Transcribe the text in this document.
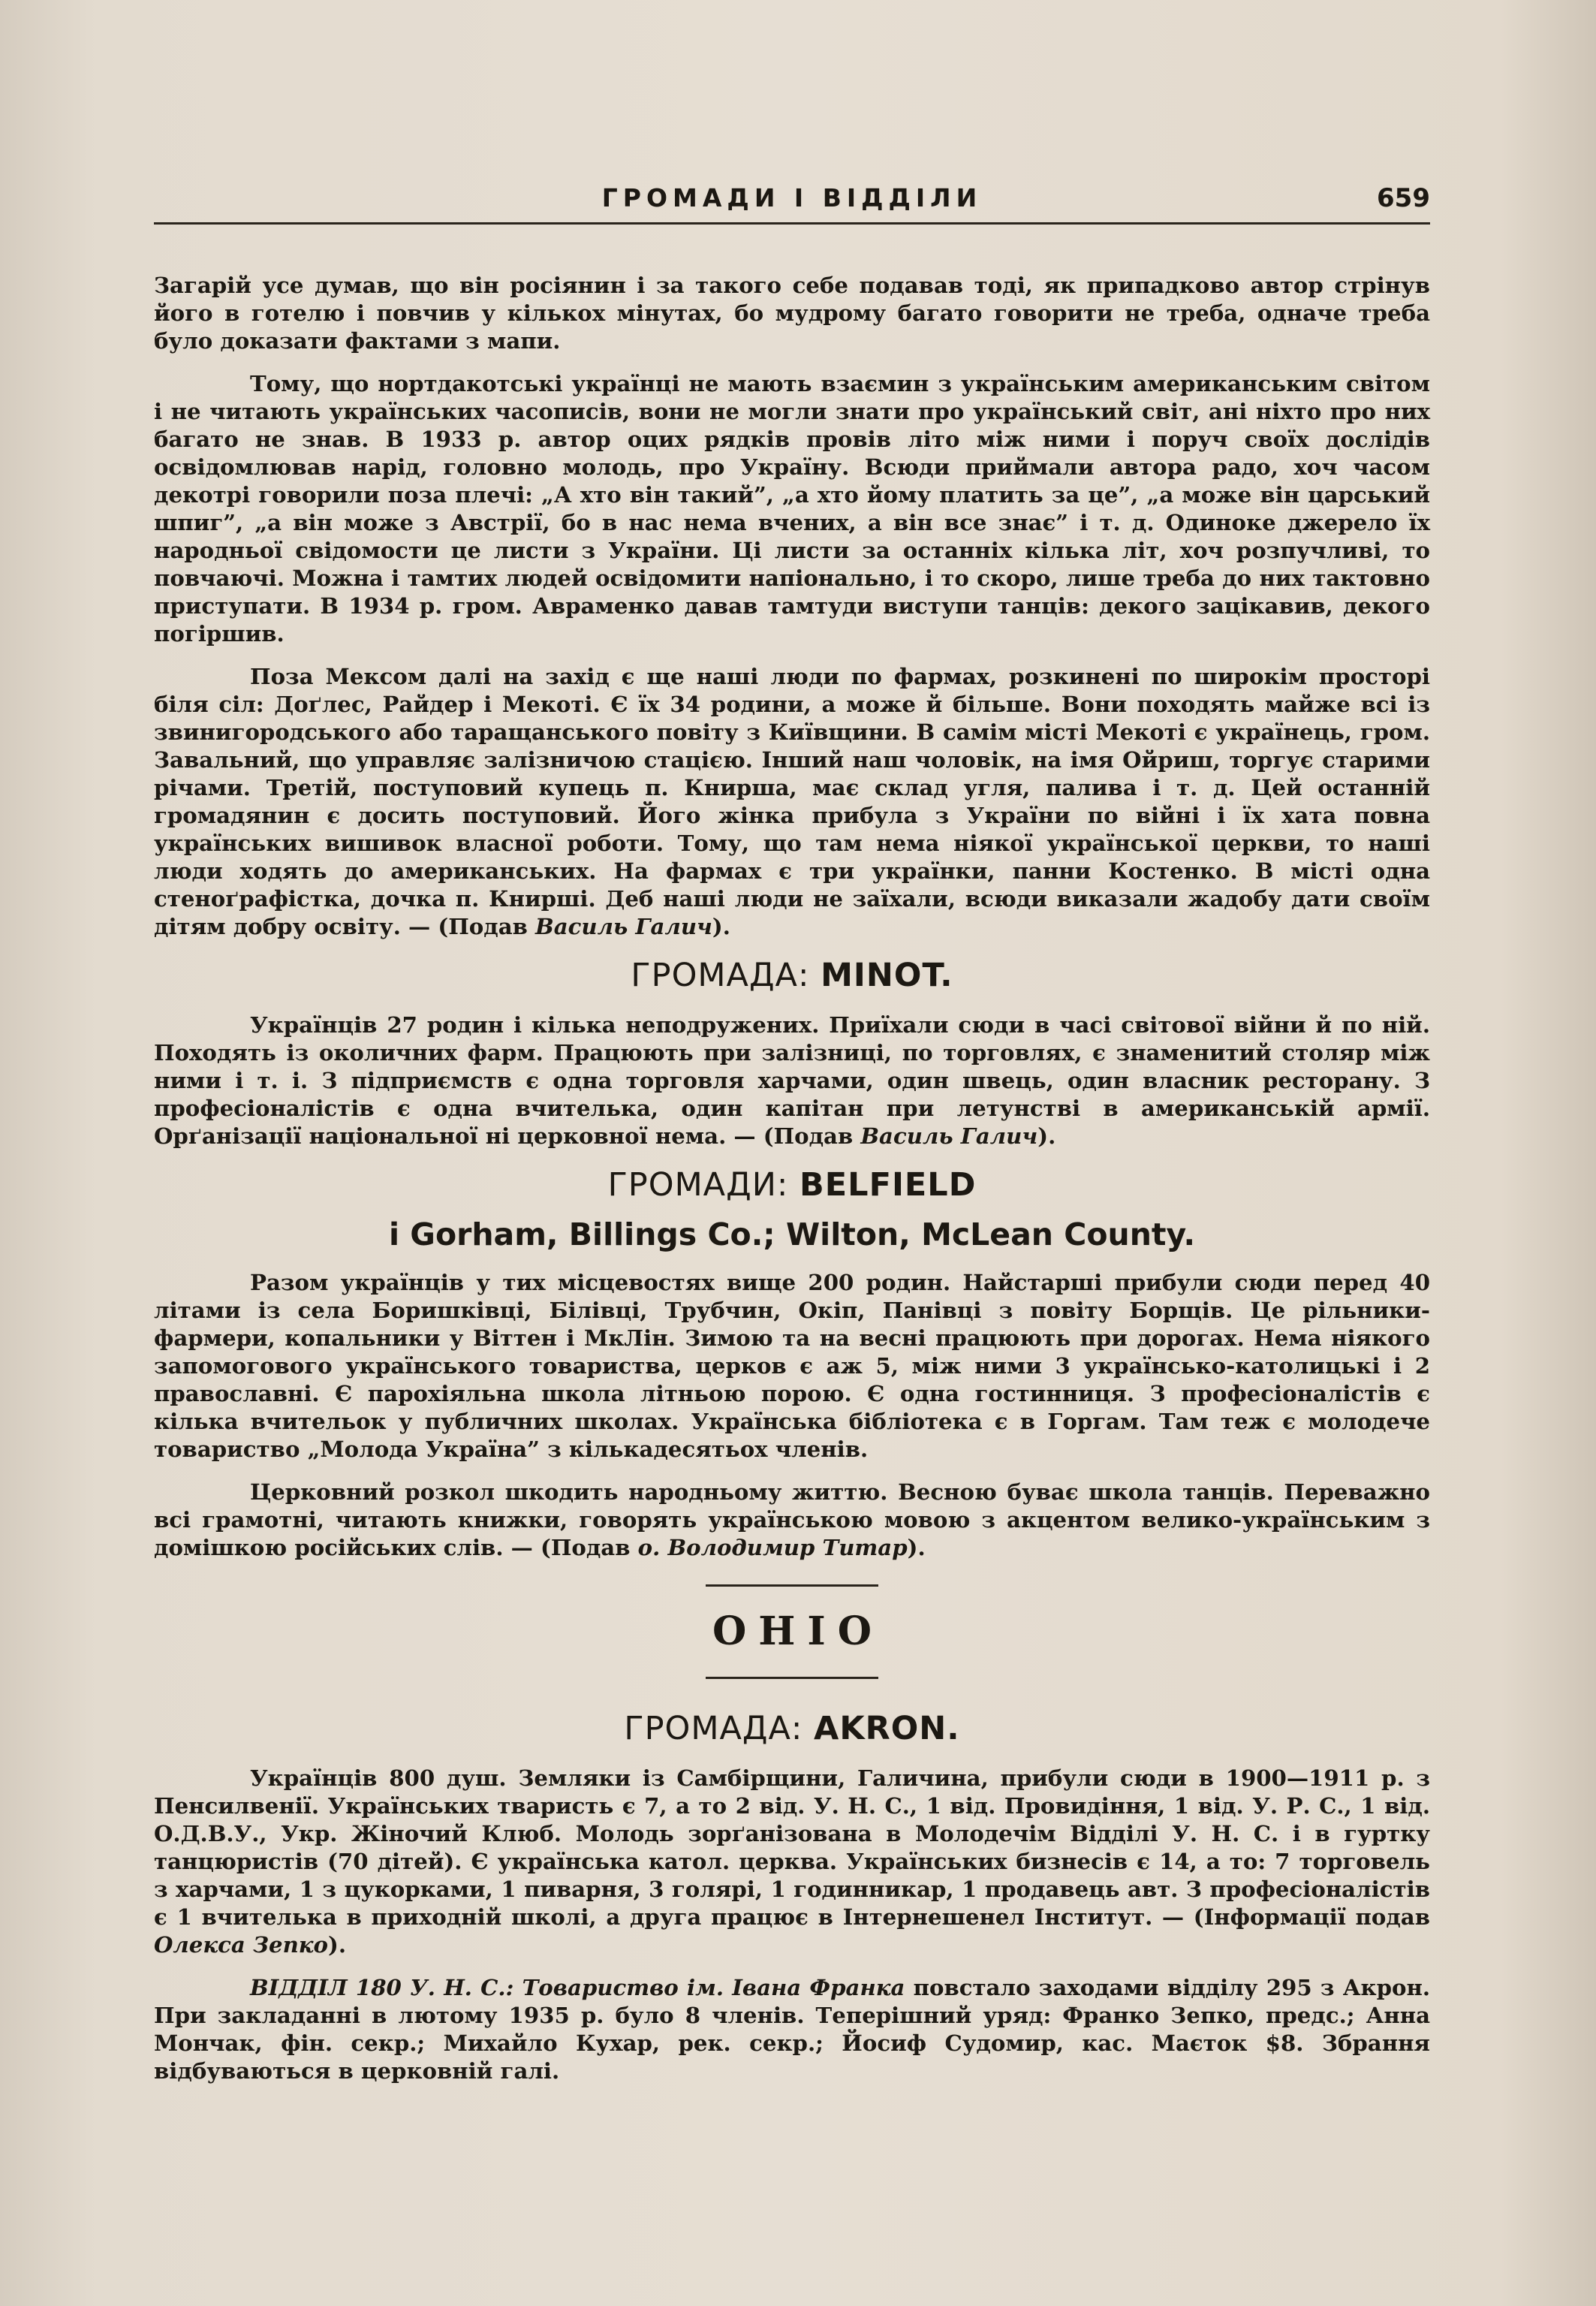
ГРОМАДИ І ВІДДІЛИ	659

Загарій усе думав, що він росіянин і за такого себе подавав тоді, як припадково автор стрінув його в готелю і повчив у кількох мінутах, бо мудрому багато говорити не треба, одначе треба було доказати фактами з мапи.

Тому, що нортдакотські українці не мають взаємин з українським американським світом і не читають українських часописів, вони не могли знати про український світ, ані ніхто про них багато не знав. В 1933 р. автор оцих рядків провів літо між ними і поруч своїх дослідів освідомлював нарід, головно молодь, про Україну. Всюди приймали автора радо, хоч часом декотрі говорили поза плечі: „А хто він такий”, „а хто йому платить за це”, „а може він царський шпиг”, „а він може з Австрії, бо в нас нема вчених, а він все знає” і т. д. Одиноке джерело їх народньої свідомости це листи з України. Ці листи за останніх кілька літ, хоч розпучливі, то повчаючі. Можна і тамтих людей освідомити напіонально, і то скоро, лише треба до них тактовно приступати. В 1934 р. гром. Авраменко давав тамтуди виступи танців: декого зацікавив, декого погіршив.

Поза Мексом далі на захід є ще наші люди по фармах, розкинені по широкім просторі біля сіл: Доґлес, Райдер і Мекоті. Є їх 34 родини, а може й більше. Вони походять майже всі із звинигородського або таращанського повіту з Київщини. В самім місті Мекоті є українець, гром. Завальний, що управляє залізничою стацією. Інший наш чоловік, на імя Ойриш, торгує старими річами. Третій, поступовий купець п. Книрша, має склад угля, палива і т. д. Цей останній громадянин є досить поступовий. Його жінка прибула з України по війні і їх хата повна українських вишивок власної роботи. Тому, що там нема ніякої української церкви, то наші люди ходять до американських. На фармах є три українки, панни Костенко. В місті одна стеноґрафістка, дочка п. Книрші. Деб наші люди не заїхали, всюди виказали жадобу дати своїм дітям добру освіту. — (Подав Василь Галич).

ГРОМАДА: MINOT.

Українців 27 родин і кілька неподружених. Приїхали сюди в часі світової війни й по ній. Походять із околичних фарм. Працюють при залізниці, по торговлях, є знаменитий столяр між ними і т. і. З підприємств є одна торговля харчами, один швець, один власник ресторану. З професіоналістів є одна вчителька, один капітан при летунстві в американській армії. Орґанізації національної ні церковної нема. — (Подав Василь Галич).

ГРОМАДИ: BELFIELD
і Gorham, Billings Co.; Wilton, McLean County.

Разом українців у тих місцевостях вище 200 родин. Найстарші прибули сюди перед 40 літами із села Боришківці, Білівці, Трубчин, Окіп, Панівці з повіту Борщів. Це рільники-фармери, копальники у Віттен і МкЛін. Зимою та на весні працюють при дорогах. Нема ніякого запомогового українського товариства, церков є аж 5, між ними 3 українсько-католицькі і 2 православні. Є парохіяльна школа літньою порою. Є одна гостинниця. З професіоналістів є кілька вчительок у публичних школах. Українська бібліотека є в Горгам. Там теж є молодече товариство „Молода Україна” з кількадесятьох членів.

Церковний розкол шкодить народньому життю. Весною буває школа танців. Переважно всі грамотні, читають книжки, говорять українською мовою з акцентом велико-українським з домішкою російських слів. — (Подав о. Володимир Титар).

OHIO
ГРОМАДА: AKRON.

Українців 800 душ. Земляки із Самбірщини, Галичина, прибули сюди в 1900—1911 р. з Пенсилвенії. Українських тваристь є 7, а то 2 від. У. Н. С., 1 від. Провидіння, 1 від. У. Р. С., 1 від. О.Д.В.У., Укр. Жіночий Клюб. Молодь зорґанізована в Молодечім Відділі У. Н. С. і в гуртку танцюристів (70 дітей). Є українська катол. церква. Українських бизнесів є 14, а то: 7 торговель з харчами, 1 з цукорками, 1 пиварня, 3 голярі, 1 годинникар, 1 продавець авт. З професіоналістів є 1 вчителька в приходній школі, а друга працює в Інтернешенел Інститут. — (Інформації подав Олекса Зепко).

ВІДДІЛ 180 У. Н. С.: Товариство ім. Івана Франка повстало заходами відділу 295 з Акрон. При закладанні в лютому 1935 р. було 8 членів. Теперішний уряд: Франко Зепко, предс.; Анна Мончак, фін. секр.; Михайло Кухар, рек. секр.; Йосиф Судомир, кас. Маєток $8. Збрання відбуваються в церковній галі.
